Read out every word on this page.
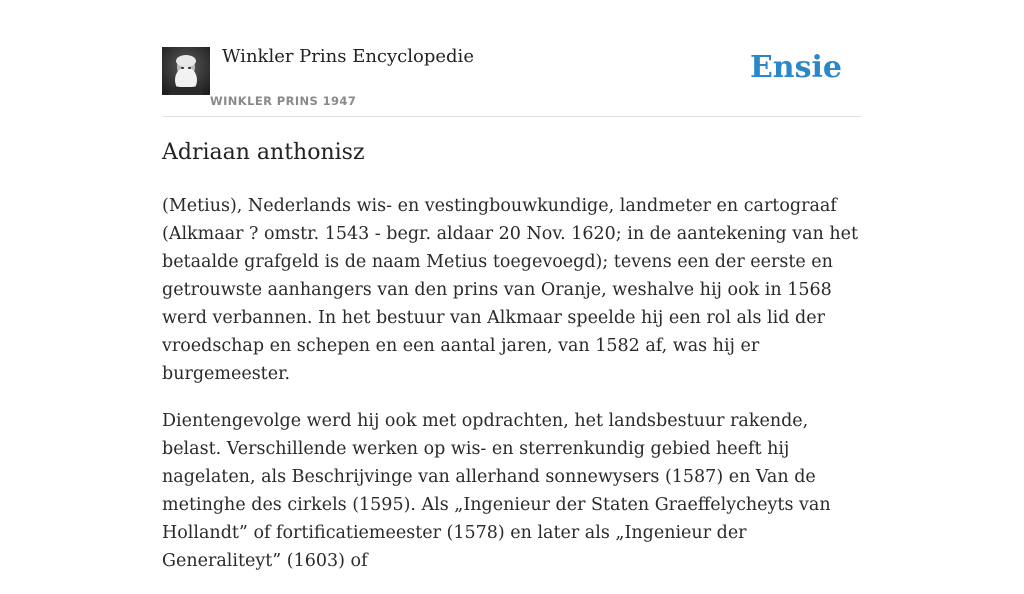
Winkler Prins Encyclopedie
WINKLER PRINS 1947
Ensie
Adriaan anthonisz

(Metius), Nederlands wis- en vestingbouwkundige, landmeter en cartograaf (Alkmaar ? omstr. 1543 - begr. aldaar 20 Nov. 1620; in de aantekening van het betaalde grafgeld is de naam Metius toegevoegd); tevens een der eerste en getrouwste aanhangers van den prins van Oranje, weshalve hij ook in 1568 werd verbannen. In het bestuur van Alkmaar speelde hij een rol als lid der vroedschap en schepen en een aantal jaren, van 1582 af, was hij er burgemeester.

Dientengevolge werd hij ook met opdrachten, het landsbestuur rakende, belast. Verschillende werken op wis- en sterrenkundig gebied heeft hij nagelaten, als Beschrijvinge van allerhand sonnewysers (1587) en Van de metinghe des cirkels (1595). Als „Ingenieur der Staten Graeffelycheyts van Hollandt” of fortificatiemeester (1578) en later als „Ingenieur der Generaliteyt” (1603) of
